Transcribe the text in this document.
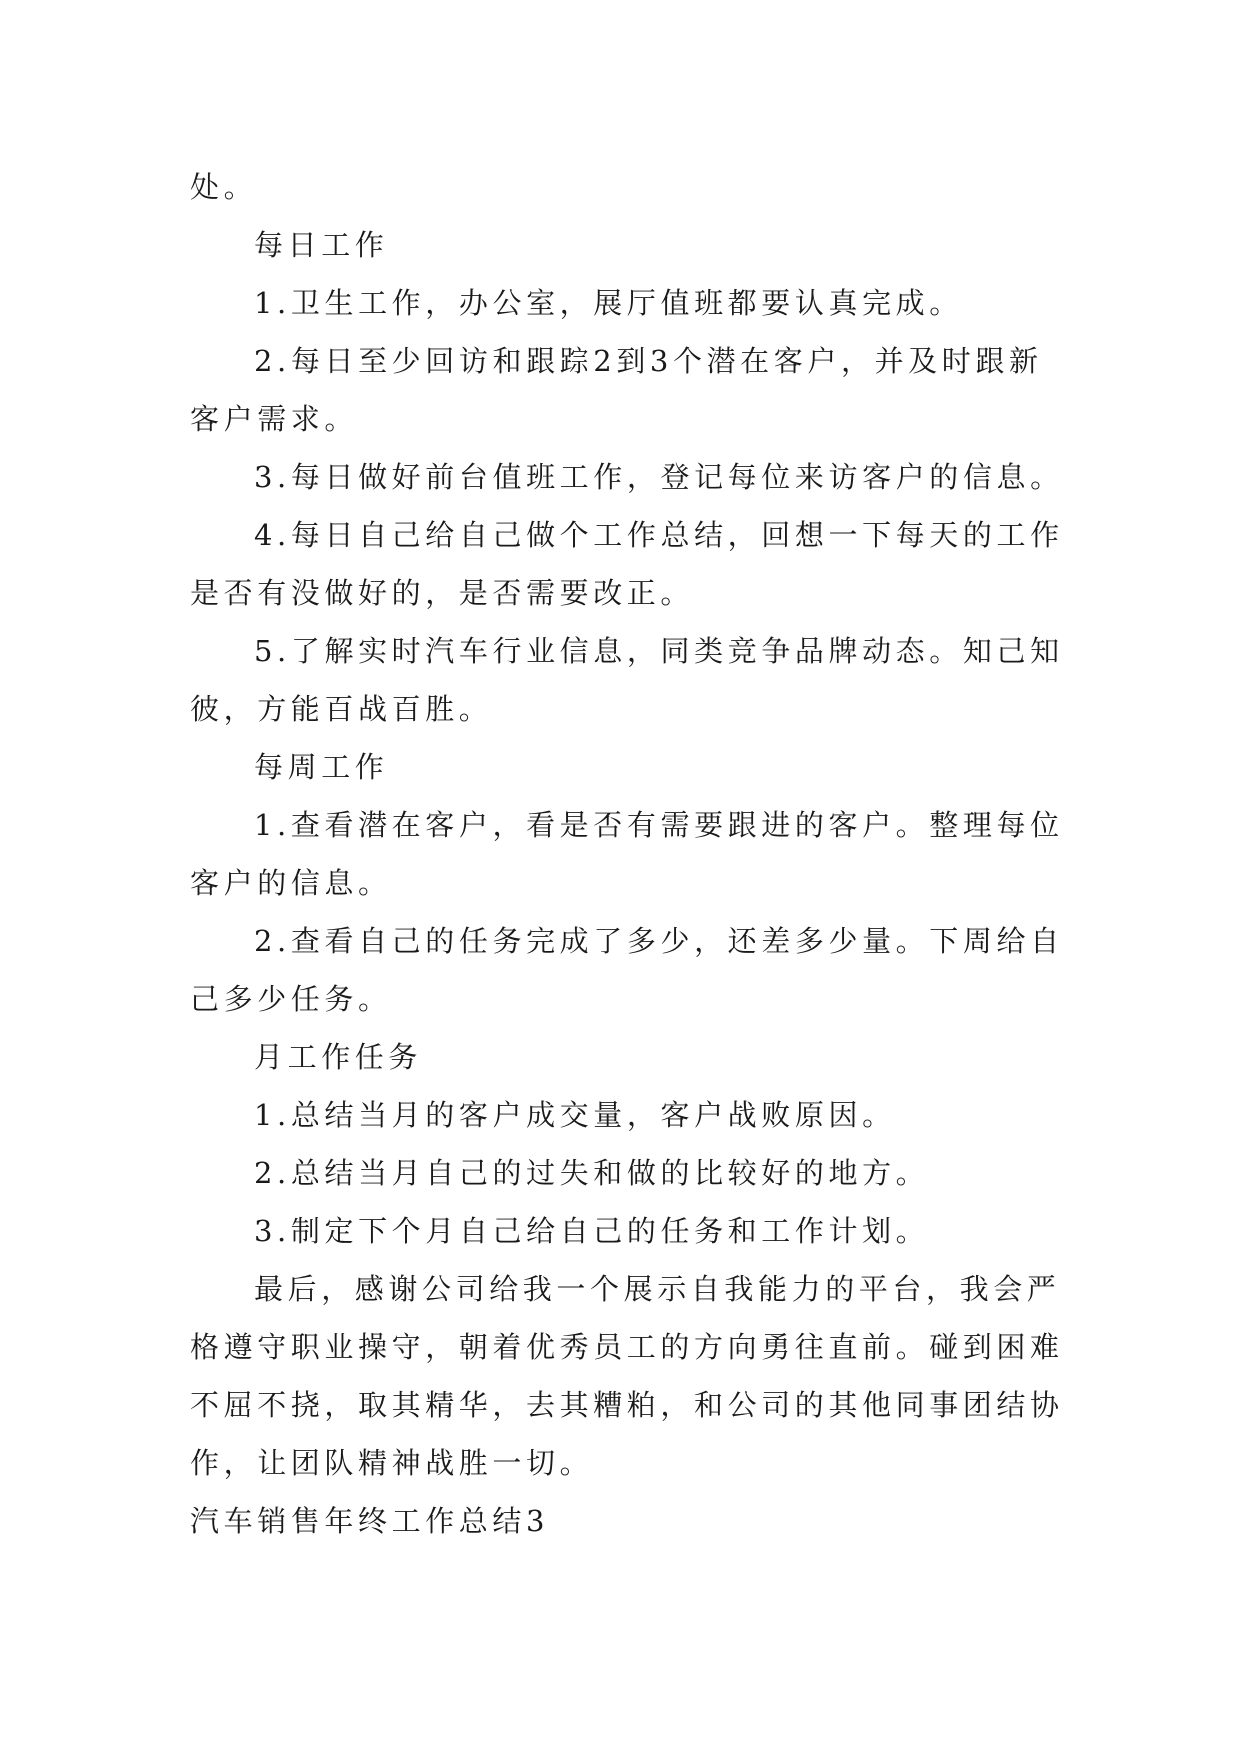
处。
每日工作
1.卫生工作，办公室，展厅值班都要认真完成。
2.每日至少回访和跟踪2到3个潜在客户，并及时跟新
客户需求。
3.每日做好前台值班工作，登记每位来访客户的信息。
4.每日自己给自己做个工作总结，回想一下每天的工作
是否有没做好的，是否需要改正。
5.了解实时汽车行业信息，同类竞争品牌动态。知己知
彼，方能百战百胜。
每周工作
1.查看潜在客户，看是否有需要跟进的客户。整理每位
客户的信息。
2.查看自己的任务完成了多少，还差多少量。下周给自
己多少任务。
月工作任务
1.总结当月的客户成交量，客户战败原因。
2.总结当月自己的过失和做的比较好的地方。
3.制定下个月自己给自己的任务和工作计划。
最后，感谢公司给我一个展示自我能力的平台，我会严
格遵守职业操守，朝着优秀员工的方向勇往直前。碰到困难
不屈不挠，取其精华，去其糟粕，和公司的其他同事团结协
作，让团队精神战胜一切。
汽车销售年终工作总结3
